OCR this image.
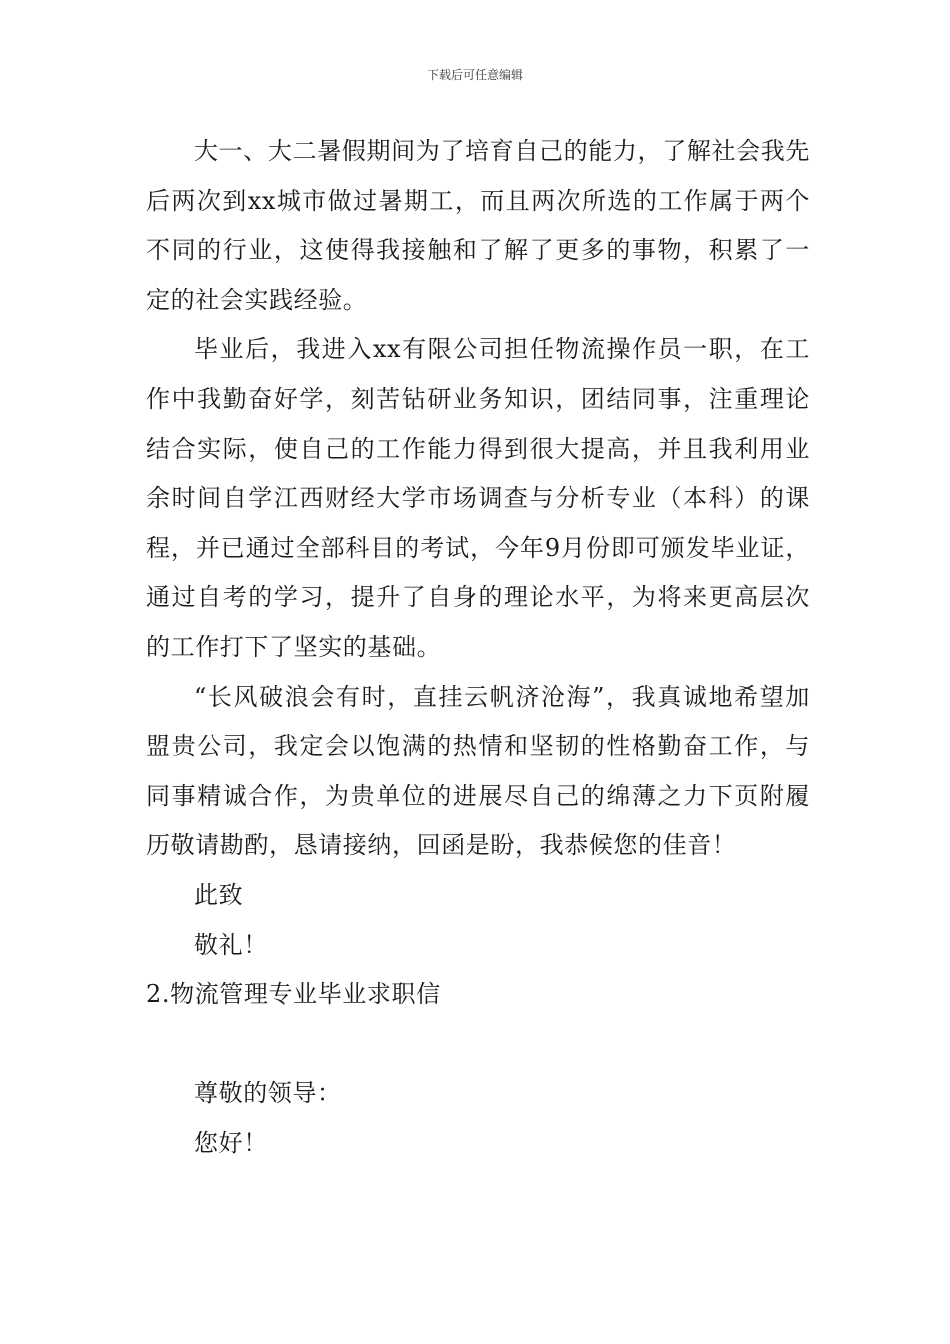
下载后可任意编辑

大一、大二暑假期间为了培育自己的能力，了解社会我先后两次到xx城市做过暑期工，而且两次所选的工作属于两个不同的行业，这使得我接触和了解了更多的事物，积累了一定的社会实践经验。

毕业后，我进入xx有限公司担任物流操作员一职，在工作中我勤奋好学，刻苦钻研业务知识，团结同事，注重理论结合实际，使自己的工作能力得到很大提高，并且我利用业余时间自学江西财经大学市场调查与分析专业（本科）的课程，并已通过全部科目的考试，今年9月份即可颁发毕业证，通过自考的学习，提升了自身的理论水平，为将来更高层次的工作打下了坚实的基础。

“长风破浪会有时，直挂云帆济沧海”，我真诚地希望加盟贵公司，我定会以饱满的热情和坚韧的性格勤奋工作，与同事精诚合作，为贵单位的进展尽自己的绵薄之力下页附履历敬请勘酌，恳请接纳，回函是盼，我恭候您的佳音！

此致

敬礼！

2.物流管理专业毕业求职信

尊敬的领导：

您好！
